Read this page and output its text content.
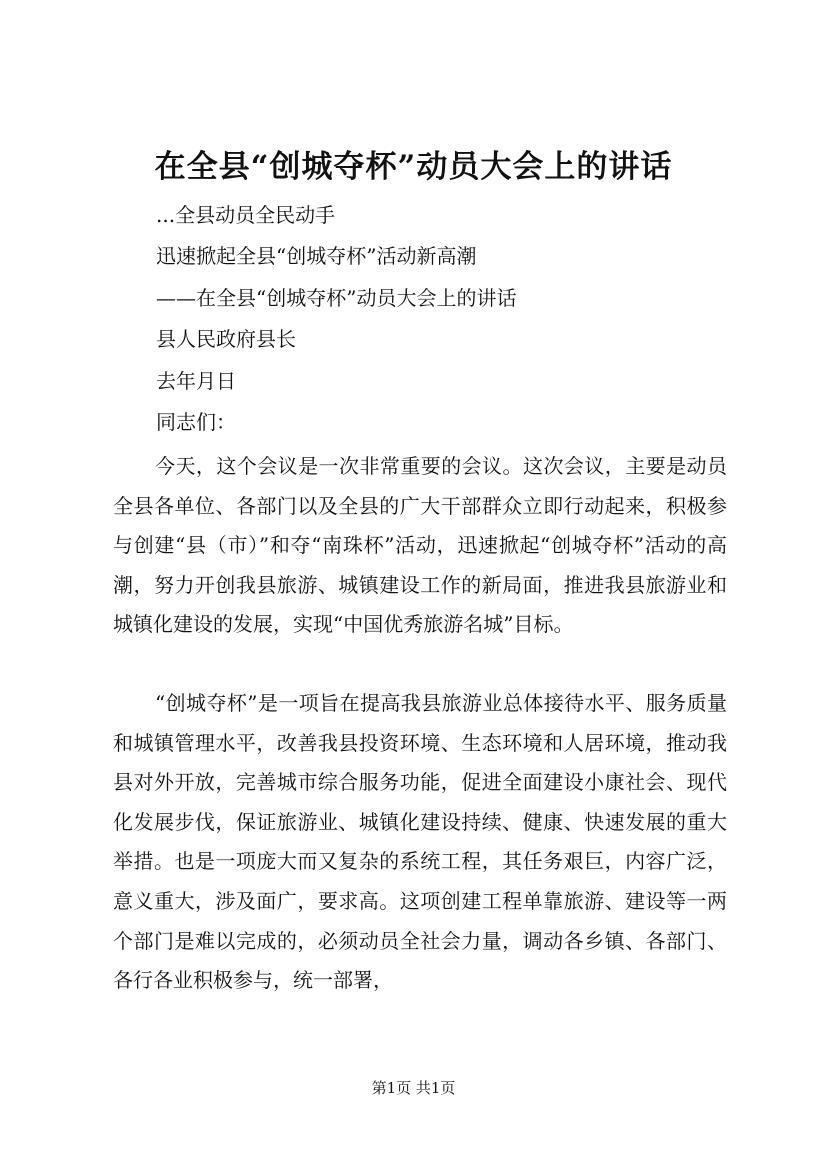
在全县“创城夺杯”动员大会上的讲话
...全县动员全民动手
迅速掀起全县“创城夺杯”活动新高潮
——在全县“创城夺杯”动员大会上的讲话
县人民政府县长
去年月日
同志们：
今天，这个会议是一次非常重要的会议。这次会议，主要是动员全县各单位、各部门以及全县的广大干部群众立即行动起来，积极参与创建“县（市）”和夺“南珠杯”活动，迅速掀起“创城夺杯”活动的高潮，努力开创我县旅游、城镇建设工作的新局面，推进我县旅游业和城镇化建设的发展，实现“中国优秀旅游名城”目标。
“创城夺杯”是一项旨在提高我县旅游业总体接待水平、服务质量和城镇管理水平，改善我县投资环境、生态环境和人居环境，推动我县对外开放，完善城市综合服务功能，促进全面建设小康社会、现代化发展步伐，保证旅游业、城镇化建设持续、健康、快速发展的重大举措。也是一项庞大而又复杂的系统工程，其任务艰巨，内容广泛，意义重大，涉及面广，要求高。这项创建工程单靠旅游、建设等一两个部门是难以完成的，必须动员全社会力量，调动各乡镇、各部门、各行各业积极参与，统一部署，
第1页 共1页
